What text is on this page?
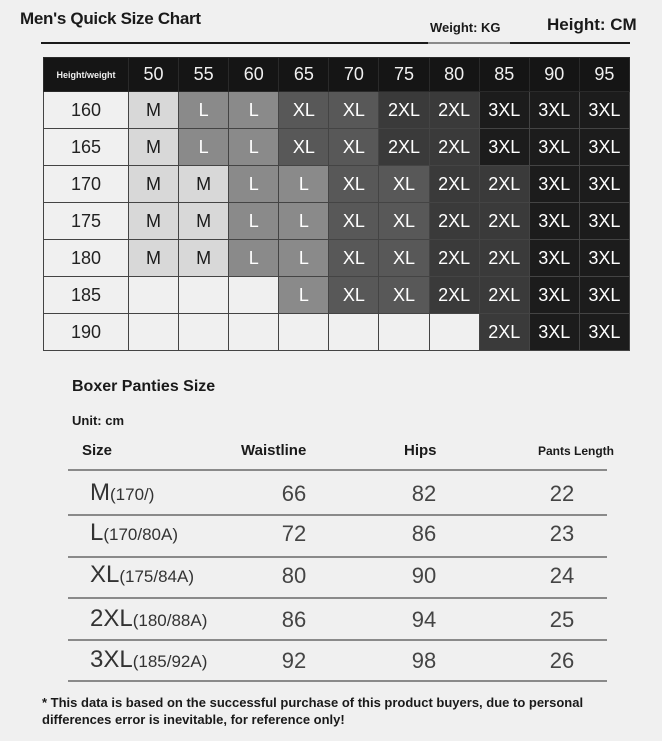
Men's Quick Size Chart	Weight: KG	Height: CM
Height/weight	50	55	60	65	70	75	80	85	90	95
160	M	L	L	XL	XL	2XL	2XL	3XL	3XL	3XL
165	M	L	L	XL	XL	2XL	2XL	3XL	3XL	3XL
170	M	M	L	L	XL	XL	2XL	2XL	3XL	3XL
175	M	M	L	L	XL	XL	2XL	2XL	3XL	3XL
180	M	M	L	L	XL	XL	2XL	2XL	3XL	3XL
185				L	XL	XL	2XL	2XL	3XL	3XL
190								2XL	3XL	3XL
Boxer Panties Size
Unit: cm
Size	Waistline	Hips	Pants Length
M(170/)	66	82	22
L(170/80A)	72	86	23
XL(175/84A)	80	90	24
2XL(180/88A)	86	94	25
3XL(185/92A)	92	98	26
* This data is based on the successful purchase of this product buyers, due to personal differences error is inevitable, for reference only!
